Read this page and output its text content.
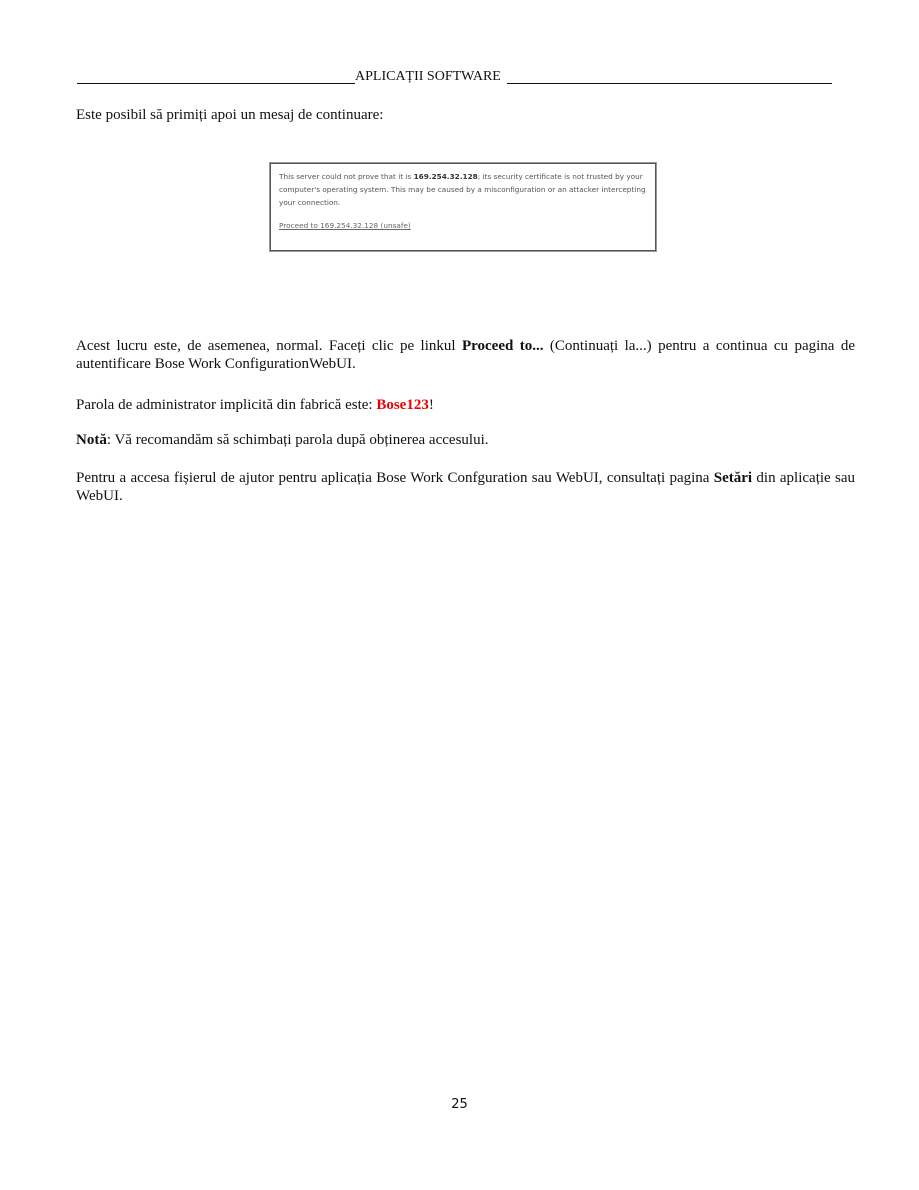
APLICAȚII SOFTWARE
Este posibil să primiți apoi un mesaj de continuare:
This server could not prove that it is 169.254.32.128; its security certificate is not trusted by your computer's operating system. This may be caused by a misconfiguration or an attacker intercepting your connection.
Proceed to 169.254.32.128 (unsafe)
Acest lucru este, de asemenea, normal. Faceți clic pe linkul Proceed to... (Continuați la...) pentru a continua cu pagina de autentificare Bose Work ConfigurationWebUI.
Parola de administrator implicită din fabrică este: Bose123!
Notă: Vă recomandăm să schimbați parola după obținerea accesului.
Pentru a accesa fișierul de ajutor pentru aplicația Bose Work Confguration sau WebUI, consultați pagina Setări din aplicație sau WebUI.
25
